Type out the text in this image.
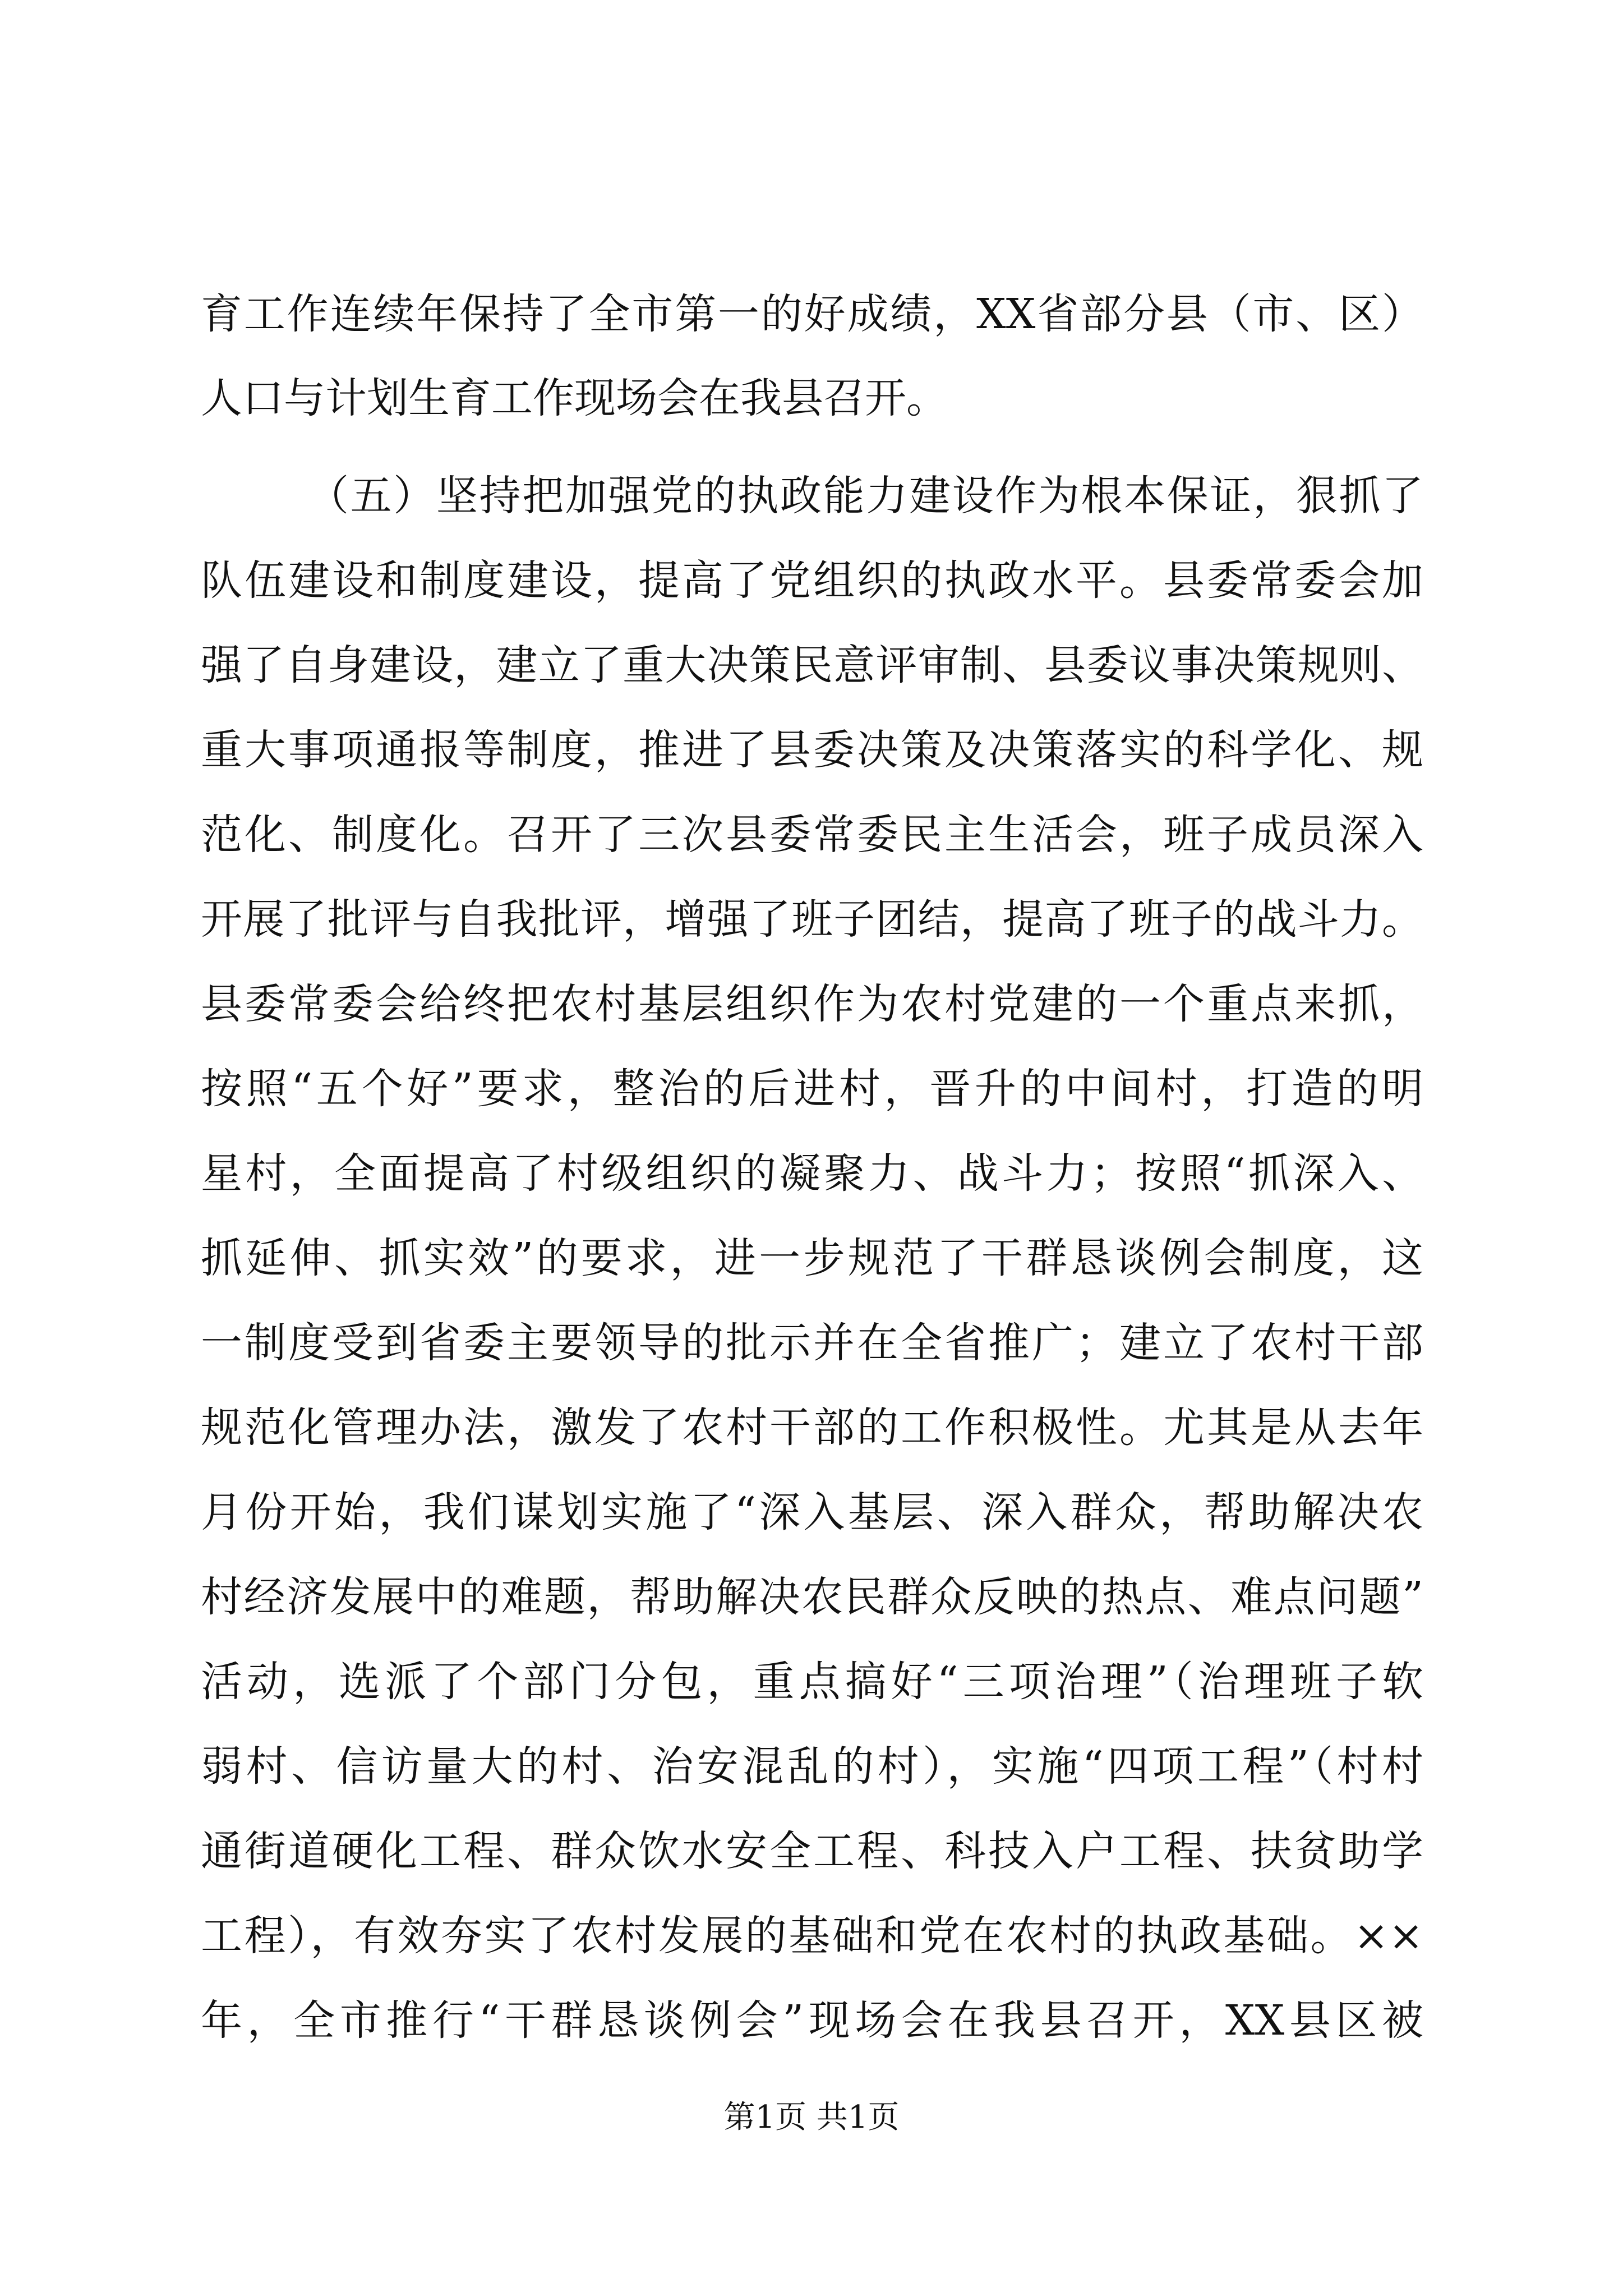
育工作连续年保持了全市第一的好成绩，XX省部分县（市、区）
人口与计划生育工作现场会在我县召开。
（五）坚持把加强党的执政能力建设作为根本保证，狠抓了
队伍建设和制度建设，提高了党组织的执政水平。县委常委会加
强了自身建设，建立了重大决策民意评审制、县委议事决策规则、
重大事项通报等制度，推进了县委决策及决策落实的科学化、规
范化、制度化。召开了三次县委常委民主生活会，班子成员深入
开展了批评与自我批评，增强了班子团结，提高了班子的战斗力。
县委常委会给终把农村基层组织作为农村党建的一个重点来抓，
按照“五个好”要求，整治的后进村，晋升的中间村，打造的明
星村，全面提高了村级组织的凝聚力、战斗力；按照“抓深入、
抓延伸、抓实效”的要求，进一步规范了干群恳谈例会制度，这
一制度受到省委主要领导的批示并在全省推广；建立了农村干部
规范化管理办法，激发了农村干部的工作积极性。尤其是从去年
月份开始，我们谋划实施了“深入基层、深入群众，帮助解决农
村经济发展中的难题，帮助解决农民群众反映的热点、难点问题”
活动，选派了个部门分包，重点搞好“三项治理”（治理班子软
弱村、信访量大的村、治安混乱的村），实施“四项工程”（村村
通街道硬化工程、群众饮水安全工程、科技入户工程、扶贫助学
工程），有效夯实了农村发展的基础和党在农村的执政基础。××
年，全市推行“干群恳谈例会”现场会在我县召开，XX县区被
第1页 共1页
